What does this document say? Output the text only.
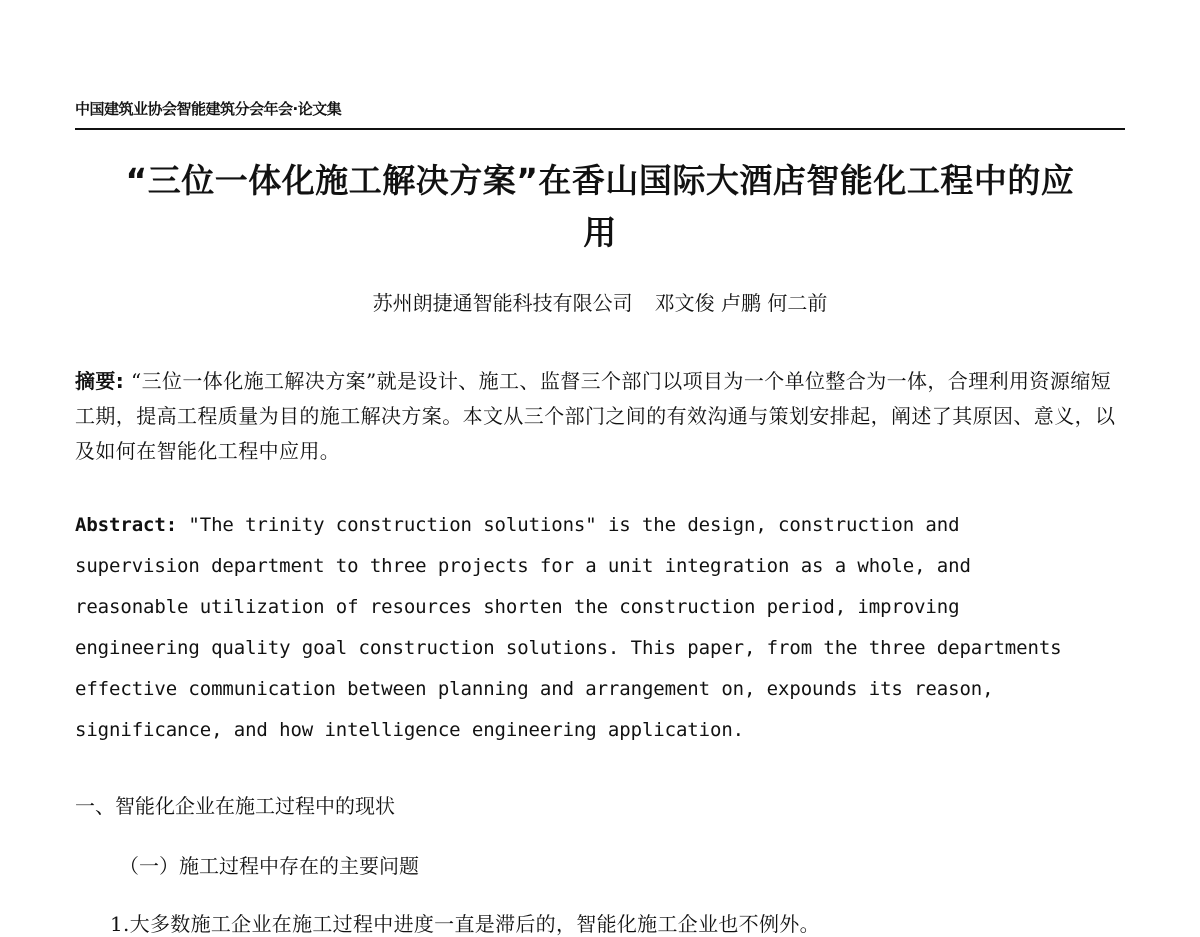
中国建筑业协会智能建筑分会年会·论文集
“三位一体化施工解决方案”在香山国际大酒店智能化工程中的应
用
苏州朗捷通智能科技有限公司 邓文俊 卢鹏 何二前
摘要: “三位一体化施工解决方案”就是设计、施工、监督三个部门以项目为一个单位整合为一体，合理利用资源缩短工期，提高工程质量为目的施工解决方案。本文从三个部门之间的有效沟通与策划安排起，阐述了其原因、意义，以及如何在智能化工程中应用。
Abstract: "The trinity construction solutions" is the design, construction and
supervision department to three projects for a unit integration as a whole, and
reasonable utilization of resources shorten the construction period, improving
engineering quality goal construction solutions. This paper, from the three departments
effective communication between planning and arrangement on, expounds its reason,
significance, and how intelligence engineering application.
一、智能化企业在施工过程中的现状
（一）施工过程中存在的主要问题
1.大多数施工企业在施工过程中进度一直是滞后的，智能化施工企业也不例外。
